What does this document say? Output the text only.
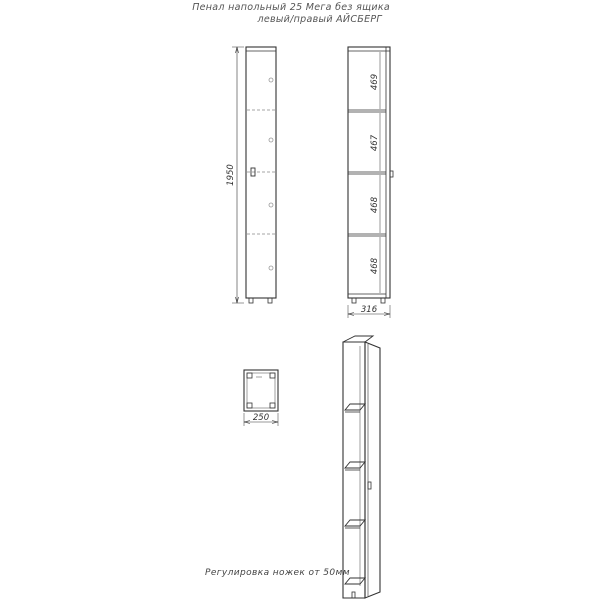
Пенал напольный 25 Мега без ящика
левый/правый АЙСБЕРГ
1950
469
467
468
468
316
250
Регулировка ножек от 50мм
